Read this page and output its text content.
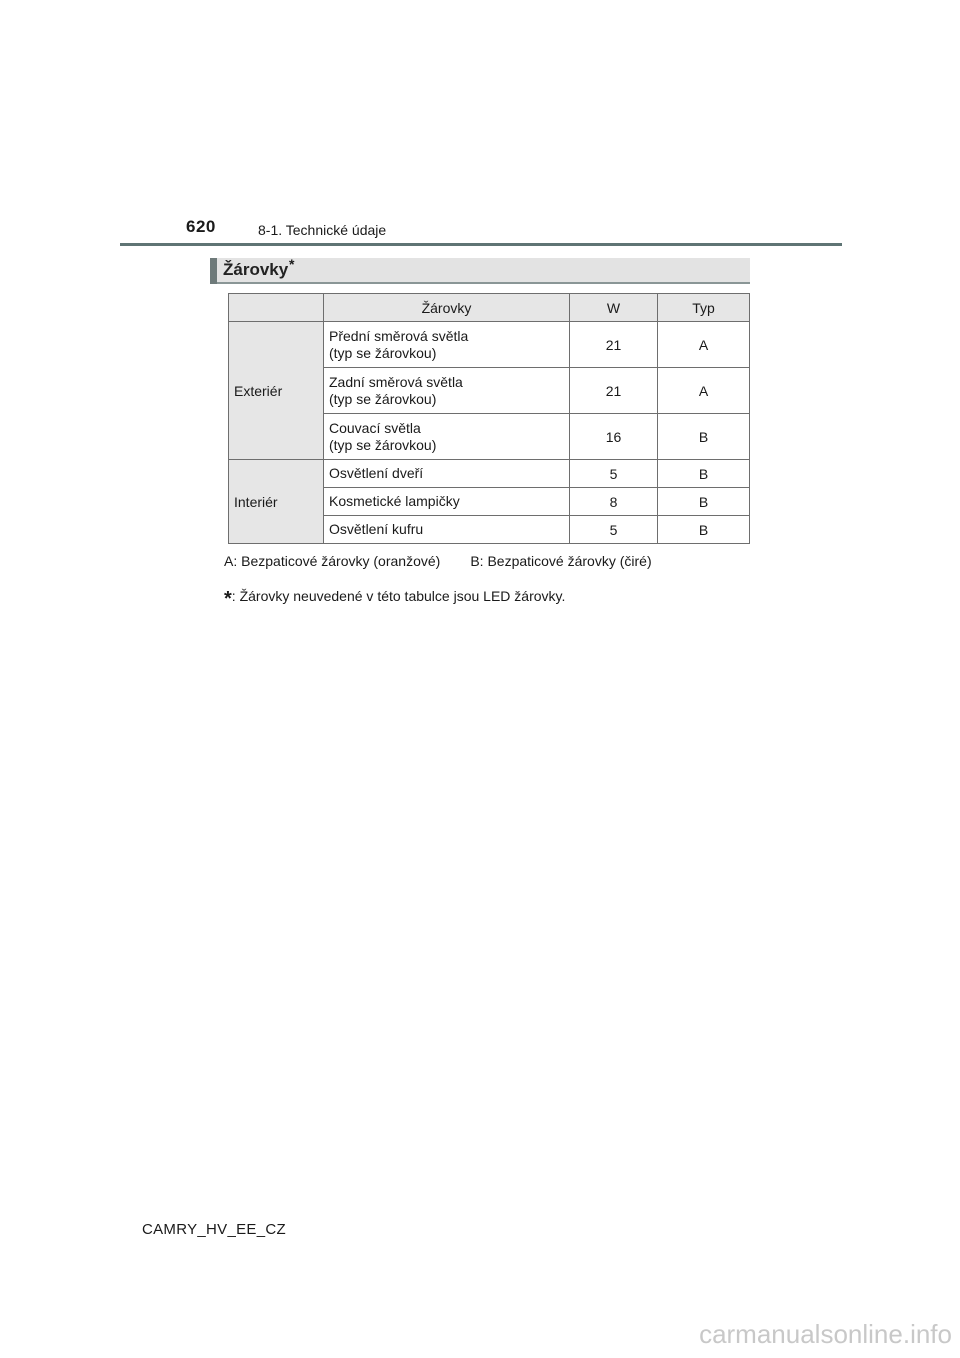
620	8-1. Technické údaje
Žárovky *
	Žárovky	W	Typ
Exteriér	Přední směrová světla
(typ se žárovkou)	21	A
	Zadní směrová světla
(typ se žárovkou)	21	A
	Couvací světla
(typ se žárovkou)	16	B
Interiér	Osvětlení dveří	5	B
	Kosmetické lampičky	8	B
	Osvětlení kufru	5	B
A: Bezpaticové žárovky (oranžové) B: Bezpaticové žárovky (čiré)
*: Žárovky neuvedené v této tabulce jsou LED žárovky.
CAMRY_HV_EE_CZ
carmanualsonline.info
